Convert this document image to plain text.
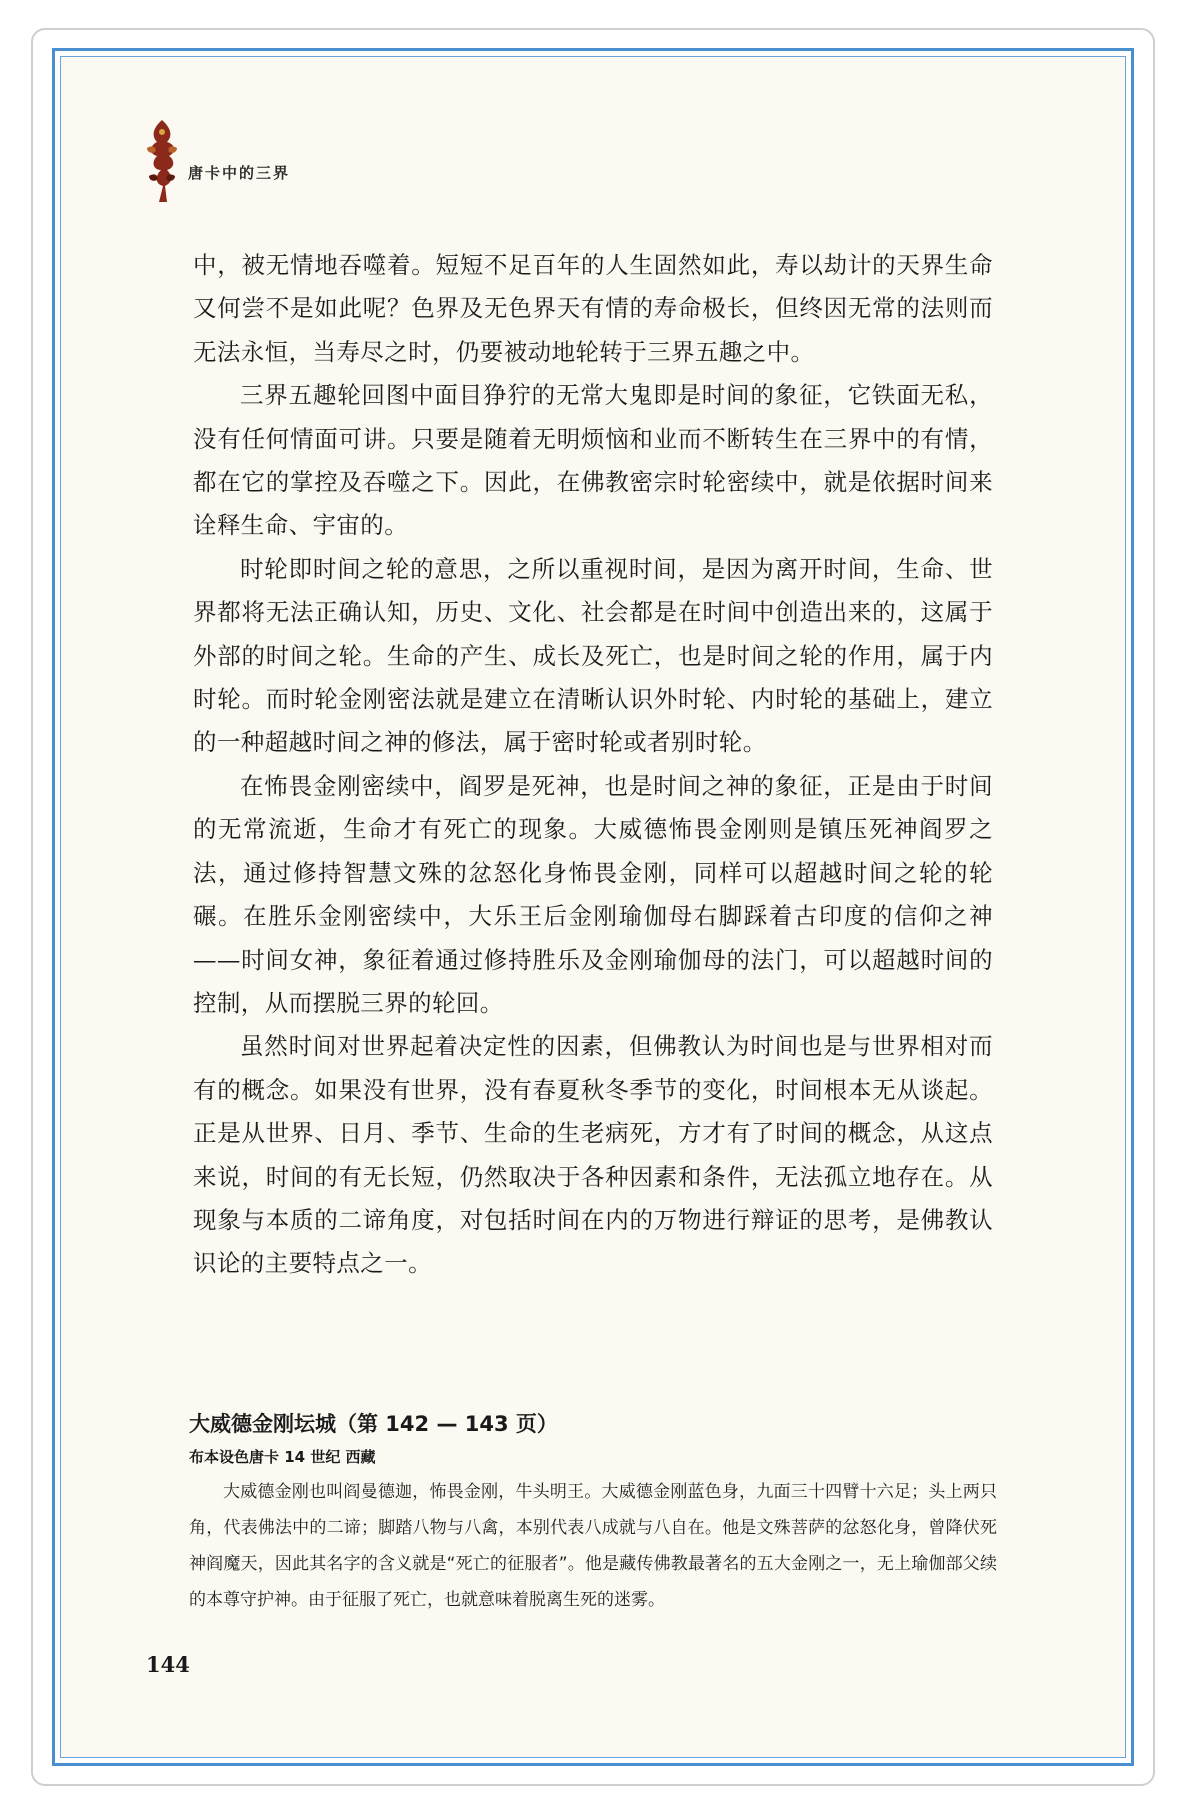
唐卡中的三界

中，被无情地吞噬着。短短不足百年的人生固然如此，寿以劫计的天界生命又何尝不是如此呢？色界及无色界天有情的寿命极长，但终因无常的法则而无法永恒，当寿尽之时，仍要被动地轮转于三界五趣之中。

三界五趣轮回图中面目狰狞的无常大鬼即是时间的象征，它铁面无私，没有任何情面可讲。只要是随着无明烦恼和业而不断转生在三界中的有情，都在它的掌控及吞噬之下。因此，在佛教密宗时轮密续中，就是依据时间来诠释生命、宇宙的。

时轮即时间之轮的意思，之所以重视时间，是因为离开时间，生命、世界都将无法正确认知，历史、文化、社会都是在时间中创造出来的，这属于外部的时间之轮。生命的产生、成长及死亡，也是时间之轮的作用，属于内时轮。而时轮金刚密法就是建立在清晰认识外时轮、内时轮的基础上，建立的一种超越时间之神的修法，属于密时轮或者别时轮。

在怖畏金刚密续中，阎罗是死神，也是时间之神的象征，正是由于时间的无常流逝，生命才有死亡的现象。大威德怖畏金刚则是镇压死神阎罗之法，通过修持智慧文殊的忿怒化身怖畏金刚，同样可以超越时间之轮的轮碾。在胜乐金刚密续中，大乐王后金刚瑜伽母右脚踩着古印度的信仰之神——时间女神，象征着通过修持胜乐及金刚瑜伽母的法门，可以超越时间的控制，从而摆脱三界的轮回。

虽然时间对世界起着决定性的因素，但佛教认为时间也是与世界相对而有的概念。如果没有世界，没有春夏秋冬季节的变化，时间根本无从谈起。正是从世界、日月、季节、生命的生老病死，方才有了时间的概念，从这点来说，时间的有无长短，仍然取决于各种因素和条件，无法孤立地存在。从现象与本质的二谛角度，对包括时间在内的万物进行辩证的思考，是佛教认识论的主要特点之一。

大威德金刚坛城（第 142 — 143 页）
布本设色唐卡 14 世纪 西藏
大威德金刚也叫阎曼德迦，怖畏金刚，牛头明王。大威德金刚蓝色身，九面三十四臂十六足；头上两只角，代表佛法中的二谛；脚踏八物与八禽，本别代表八成就与八自在。他是文殊菩萨的忿怒化身，曾降伏死神阎魔天，因此其名字的含义就是“死亡的征服者”。他是藏传佛教最著名的五大金刚之一，无上瑜伽部父续的本尊守护神。由于征服了死亡，也就意味着脱离生死的迷雾。
144
